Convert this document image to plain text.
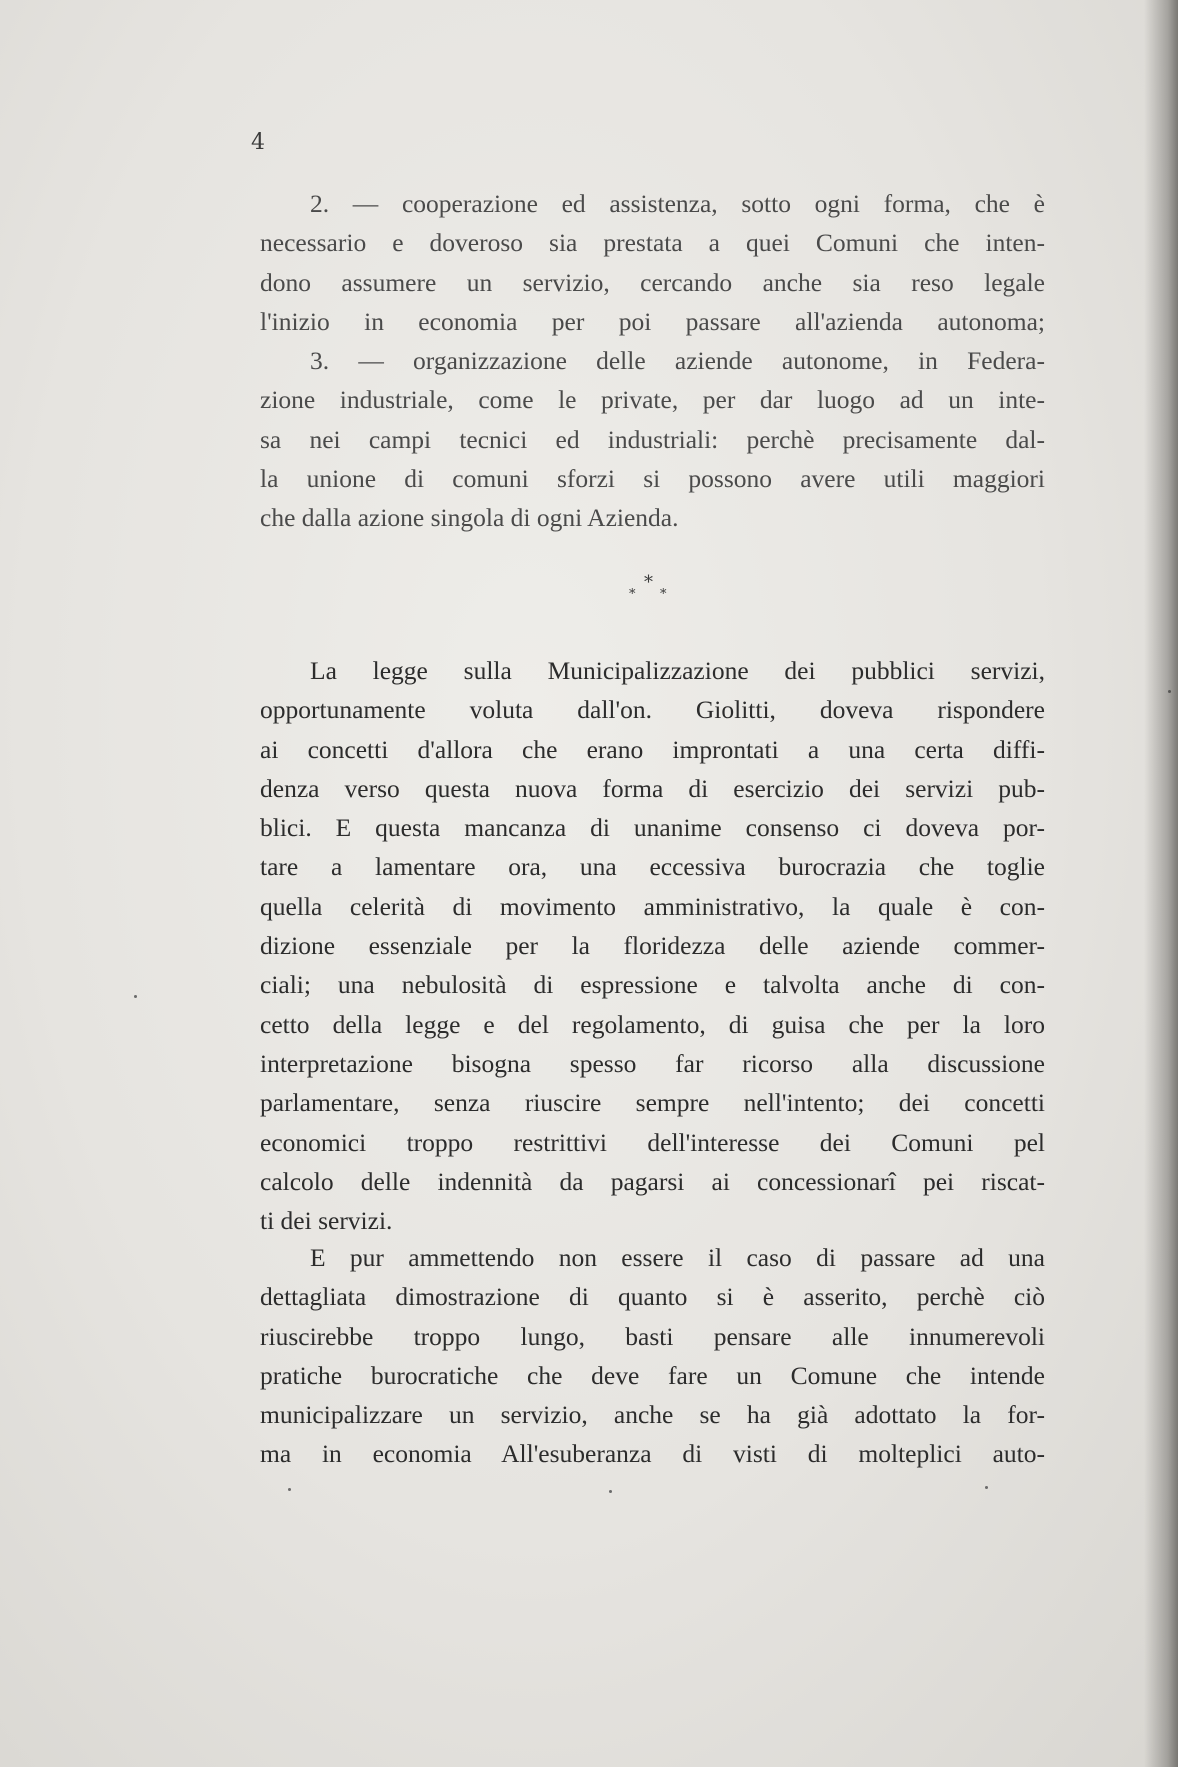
4

2. — cooperazione ed assistenza, sotto ogni forma, che è
necessario e doveroso sia prestata a quei Comuni che inten-
dono assumere un servizio, cercando anche sia reso legale
l'inizio in economia per poi passare all'azienda autonoma;
3. — organizzazione delle aziende autonome, in Federa-
zione industriale, come le private, per dar luogo ad un inte-
sa nei campi tecnici ed industriali: perchè precisamente dal-
la unione di comuni sforzi si possono avere utili maggiori
che dalla azione singola di ogni Azienda.
*
* *
La legge sulla Municipalizzazione dei pubblici servizi,
opportunamente voluta dall'on. Giolitti, doveva rispondere
ai concetti d'allora che erano improntati a una certa diffi-
denza verso questa nuova forma di esercizio dei servizi pub-
blici. E questa mancanza di unanime consenso ci doveva por-
tare a lamentare ora, una eccessiva burocrazia che toglie
quella celerità di movimento amministrativo, la quale è con-
dizione essenziale per la floridezza delle aziende commer-
ciali; una nebulosità di espressione e talvolta anche di con-
cetto della legge e del regolamento, di guisa che per la loro
interpretazione bisogna spesso far ricorso alla discussione
parlamentare, senza riuscire sempre nell'intento; dei concetti
economici troppo restrittivi dell'interesse dei Comuni pel
calcolo delle indennità da pagarsi ai concessionarî pei riscat-
ti dei servizi.
E pur ammettendo non essere il caso di passare ad una
dettagliata dimostrazione di quanto si è asserito, perchè ciò
riuscirebbe troppo lungo, basti pensare alle innumerevoli
pratiche burocratiche che deve fare un Comune che intende
municipalizzare un servizio, anche se ha già adottato la for-
ma in economia All'esuberanza di visti di molteplici auto-
